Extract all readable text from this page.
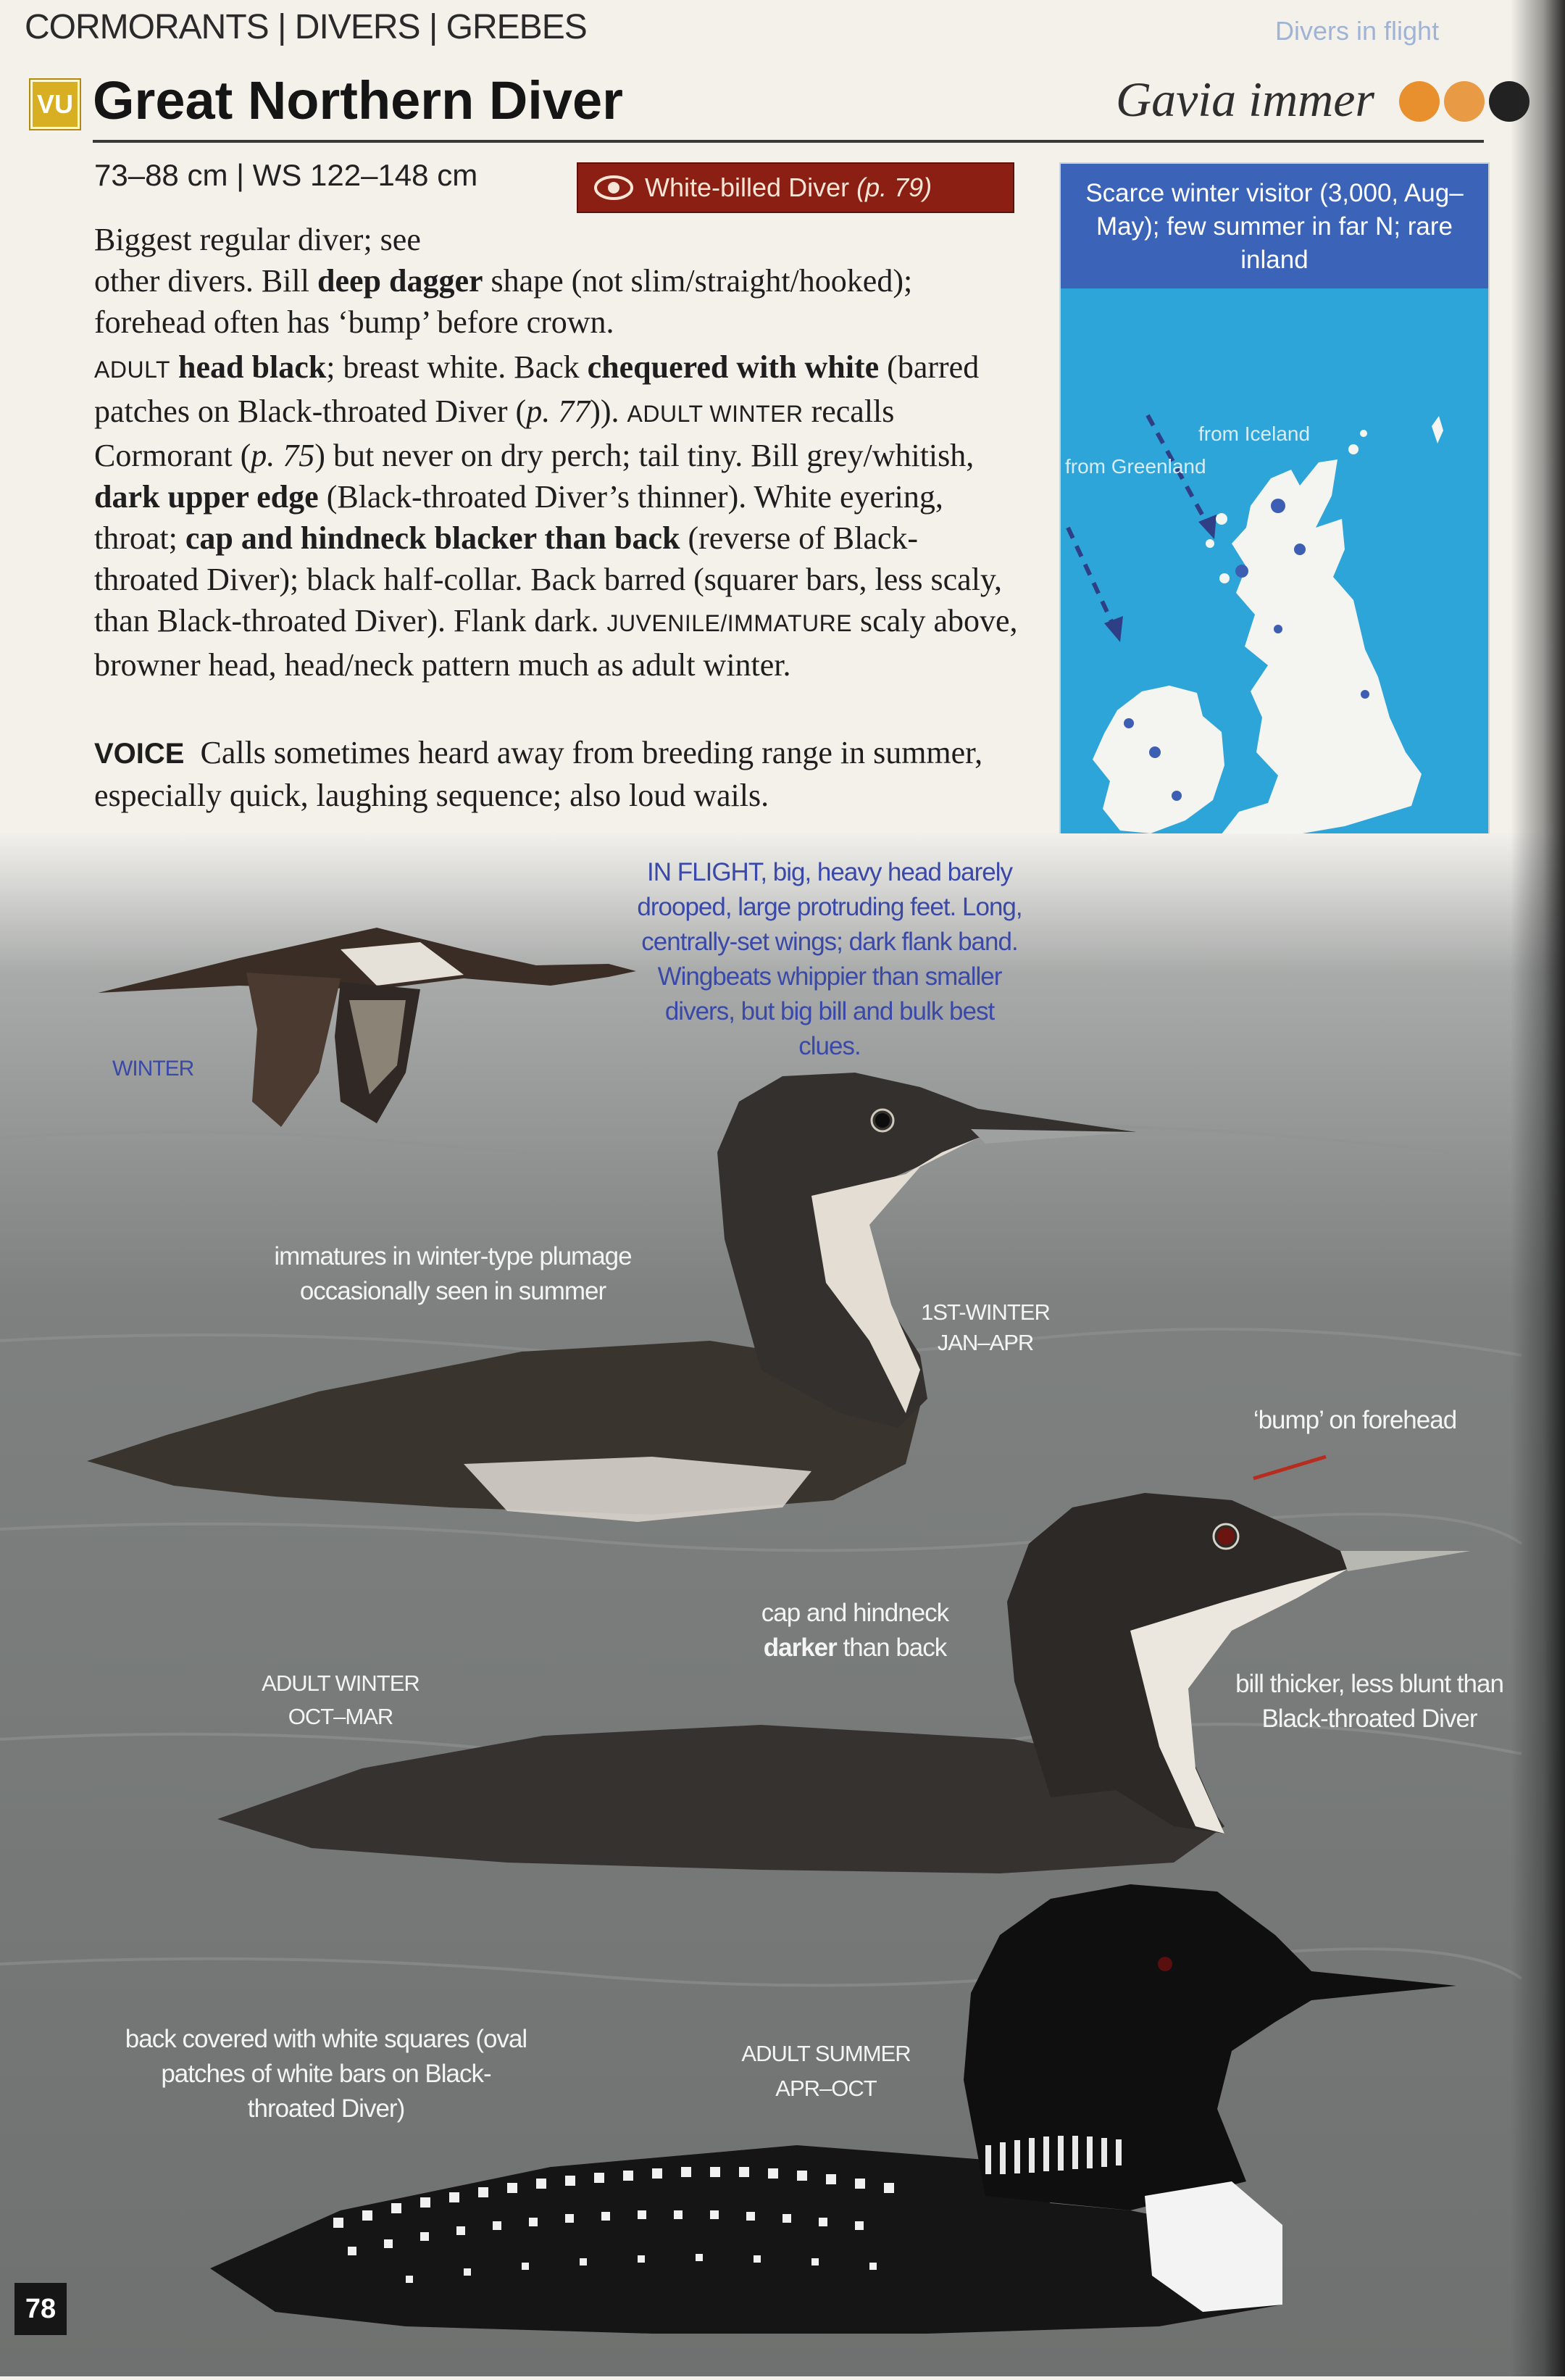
CORMORANTS | DIVERS | GREBES	Divers in flight
VU Great Northern Diver	Gavia immer
73–88 cm | WS 122–148 cm	White-billed Diver
(p. 79)
Biggest regular diver; see
other divers. Bill deep dagger shape (not slim/straight/hooked); forehead often has ‘bump’ before crown.
ADULT head black; breast white. Back chequered with white (barred patches on Black-throated Diver (p. 77)). ADULT WINTER recalls Cormorant (p. 75) but never on dry perch; tail tiny. Bill grey/whitish, dark upper edge (Black-throated Diver’s thinner). White eyering, throat; cap and hindneck blacker than back (reverse of Black-throated Diver); black half-collar. Back barred (squarer bars, less scaly, than Black-throated Diver). Flank dark. JUVENILE/IMMATURE scaly above, browner head, head/neck pattern much as adult winter.
VOICE Calls sometimes heard away from breeding range in summer, especially quick, laughing sequence; also loud wails.
Scarce winter visitor (3,000, Aug–May); few summer in far N; rare inland
from Iceland
from Greenland
WINTER
IN FLIGHT, big, heavy head barely drooped, large protruding feet. Long, centrally-set wings; dark flank band. Wingbeats whippier than smaller divers, but big bill and bulk best clues.
immatures in winter-type plumage occasionally seen in summer
1ST-WINTER
JAN–APR
‘bump’ on forehead
cap and hindneck
darker than back
ADULT WINTER
OCT–MAR
bill thicker, less blunt than Black-throated Diver
back covered with white squares (oval patches of white bars on Black-throated Diver)
ADULT SUMMER
APR–OCT
78
